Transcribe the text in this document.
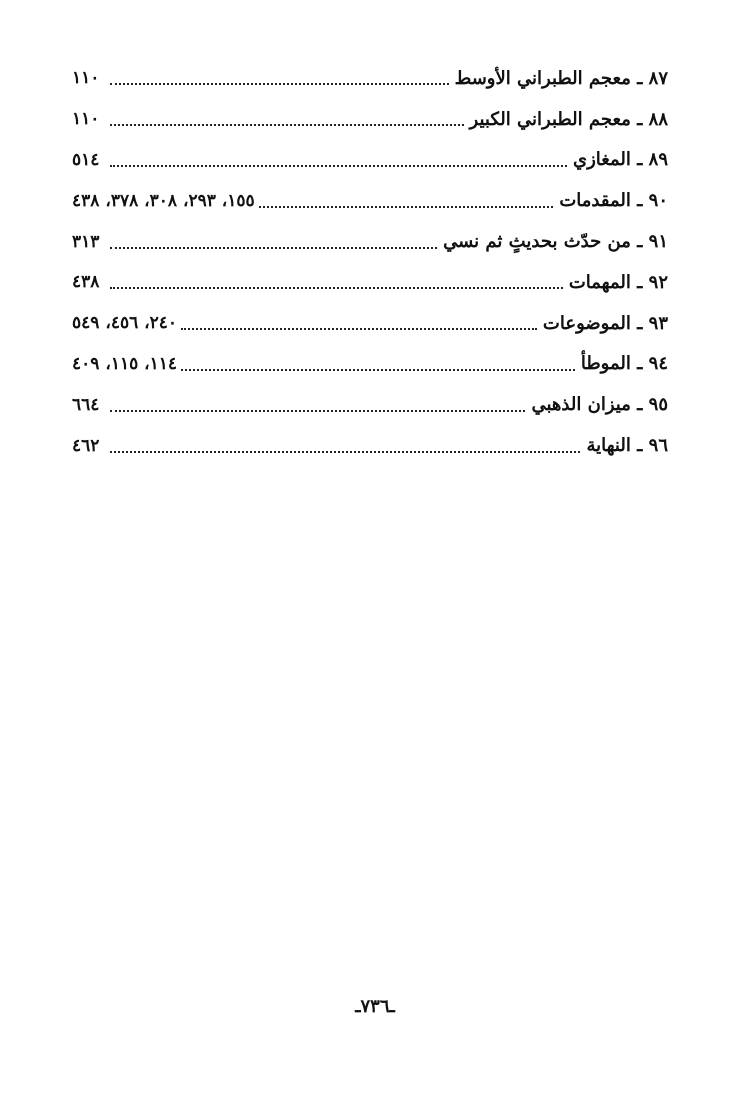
٨٧ ـ معجم الطبراني الأوسط
١١٠
٨٨ ـ معجم الطبراني الكبير
١١٠
٨٩ ـ المغازي
٥١٤
٩٠ ـ المقدمات
١٥٥، ٢٩٣، ٣٠٨، ٣٧٨، ٤٣٨
٩١ ـ من حدّث بحديثٍ ثم نسي
٣١٣
٩٢ ـ المهمات
٤٣٨
٩٣ ـ الموضوعات
٢٤٠، ٤٥٦، ٥٤٩
٩٤ ـ الموطأ
١١٤، ١١٥، ٤٠٩
٩٥ ـ ميزان الذهبي
٦٦٤
٩٦ ـ النهاية
٤٦٢
ـ٧٣٦ـ
